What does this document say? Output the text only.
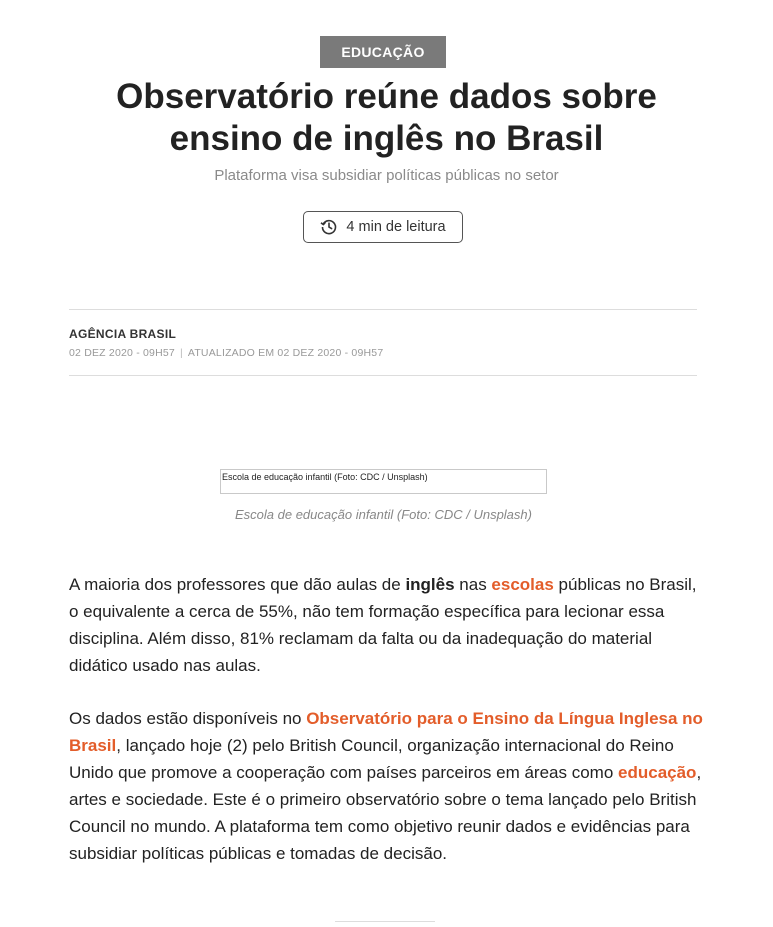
EDUCAÇÃO
Observatório reúne dados sobre
ensino de inglês no Brasil
Plataforma visa subsidiar políticas públicas no setor
4 min de leitura
AGÊNCIA BRASIL
02 DEZ 2020 - 09H57 | ATUALIZADO EM 02 DEZ 2020 - 09H57
Escola de educação infantil (Foto: CDC / Unsplash)
Escola de educação infantil (Foto: CDC / Unsplash)

A maioria dos professores que dão aulas de inglês nas escolas públicas no Brasil, o equivalente a cerca de 55%, não tem formação específica para lecionar essa disciplina. Além disso, 81% reclamam da falta ou da inadequação do material didático usado nas aulas.

Os dados estão disponíveis no Observatório para o Ensino da Língua Inglesa no Brasil, lançado hoje (2) pelo British Council, organização internacional do Reino Unido que promove a cooperação com países parceiros em áreas como educação, artes e sociedade. Este é o primeiro observatório sobre o tema lançado pelo British Council no mundo. A plataforma tem como objetivo reunir dados e evidências para subsidiar políticas públicas e tomadas de decisão.
